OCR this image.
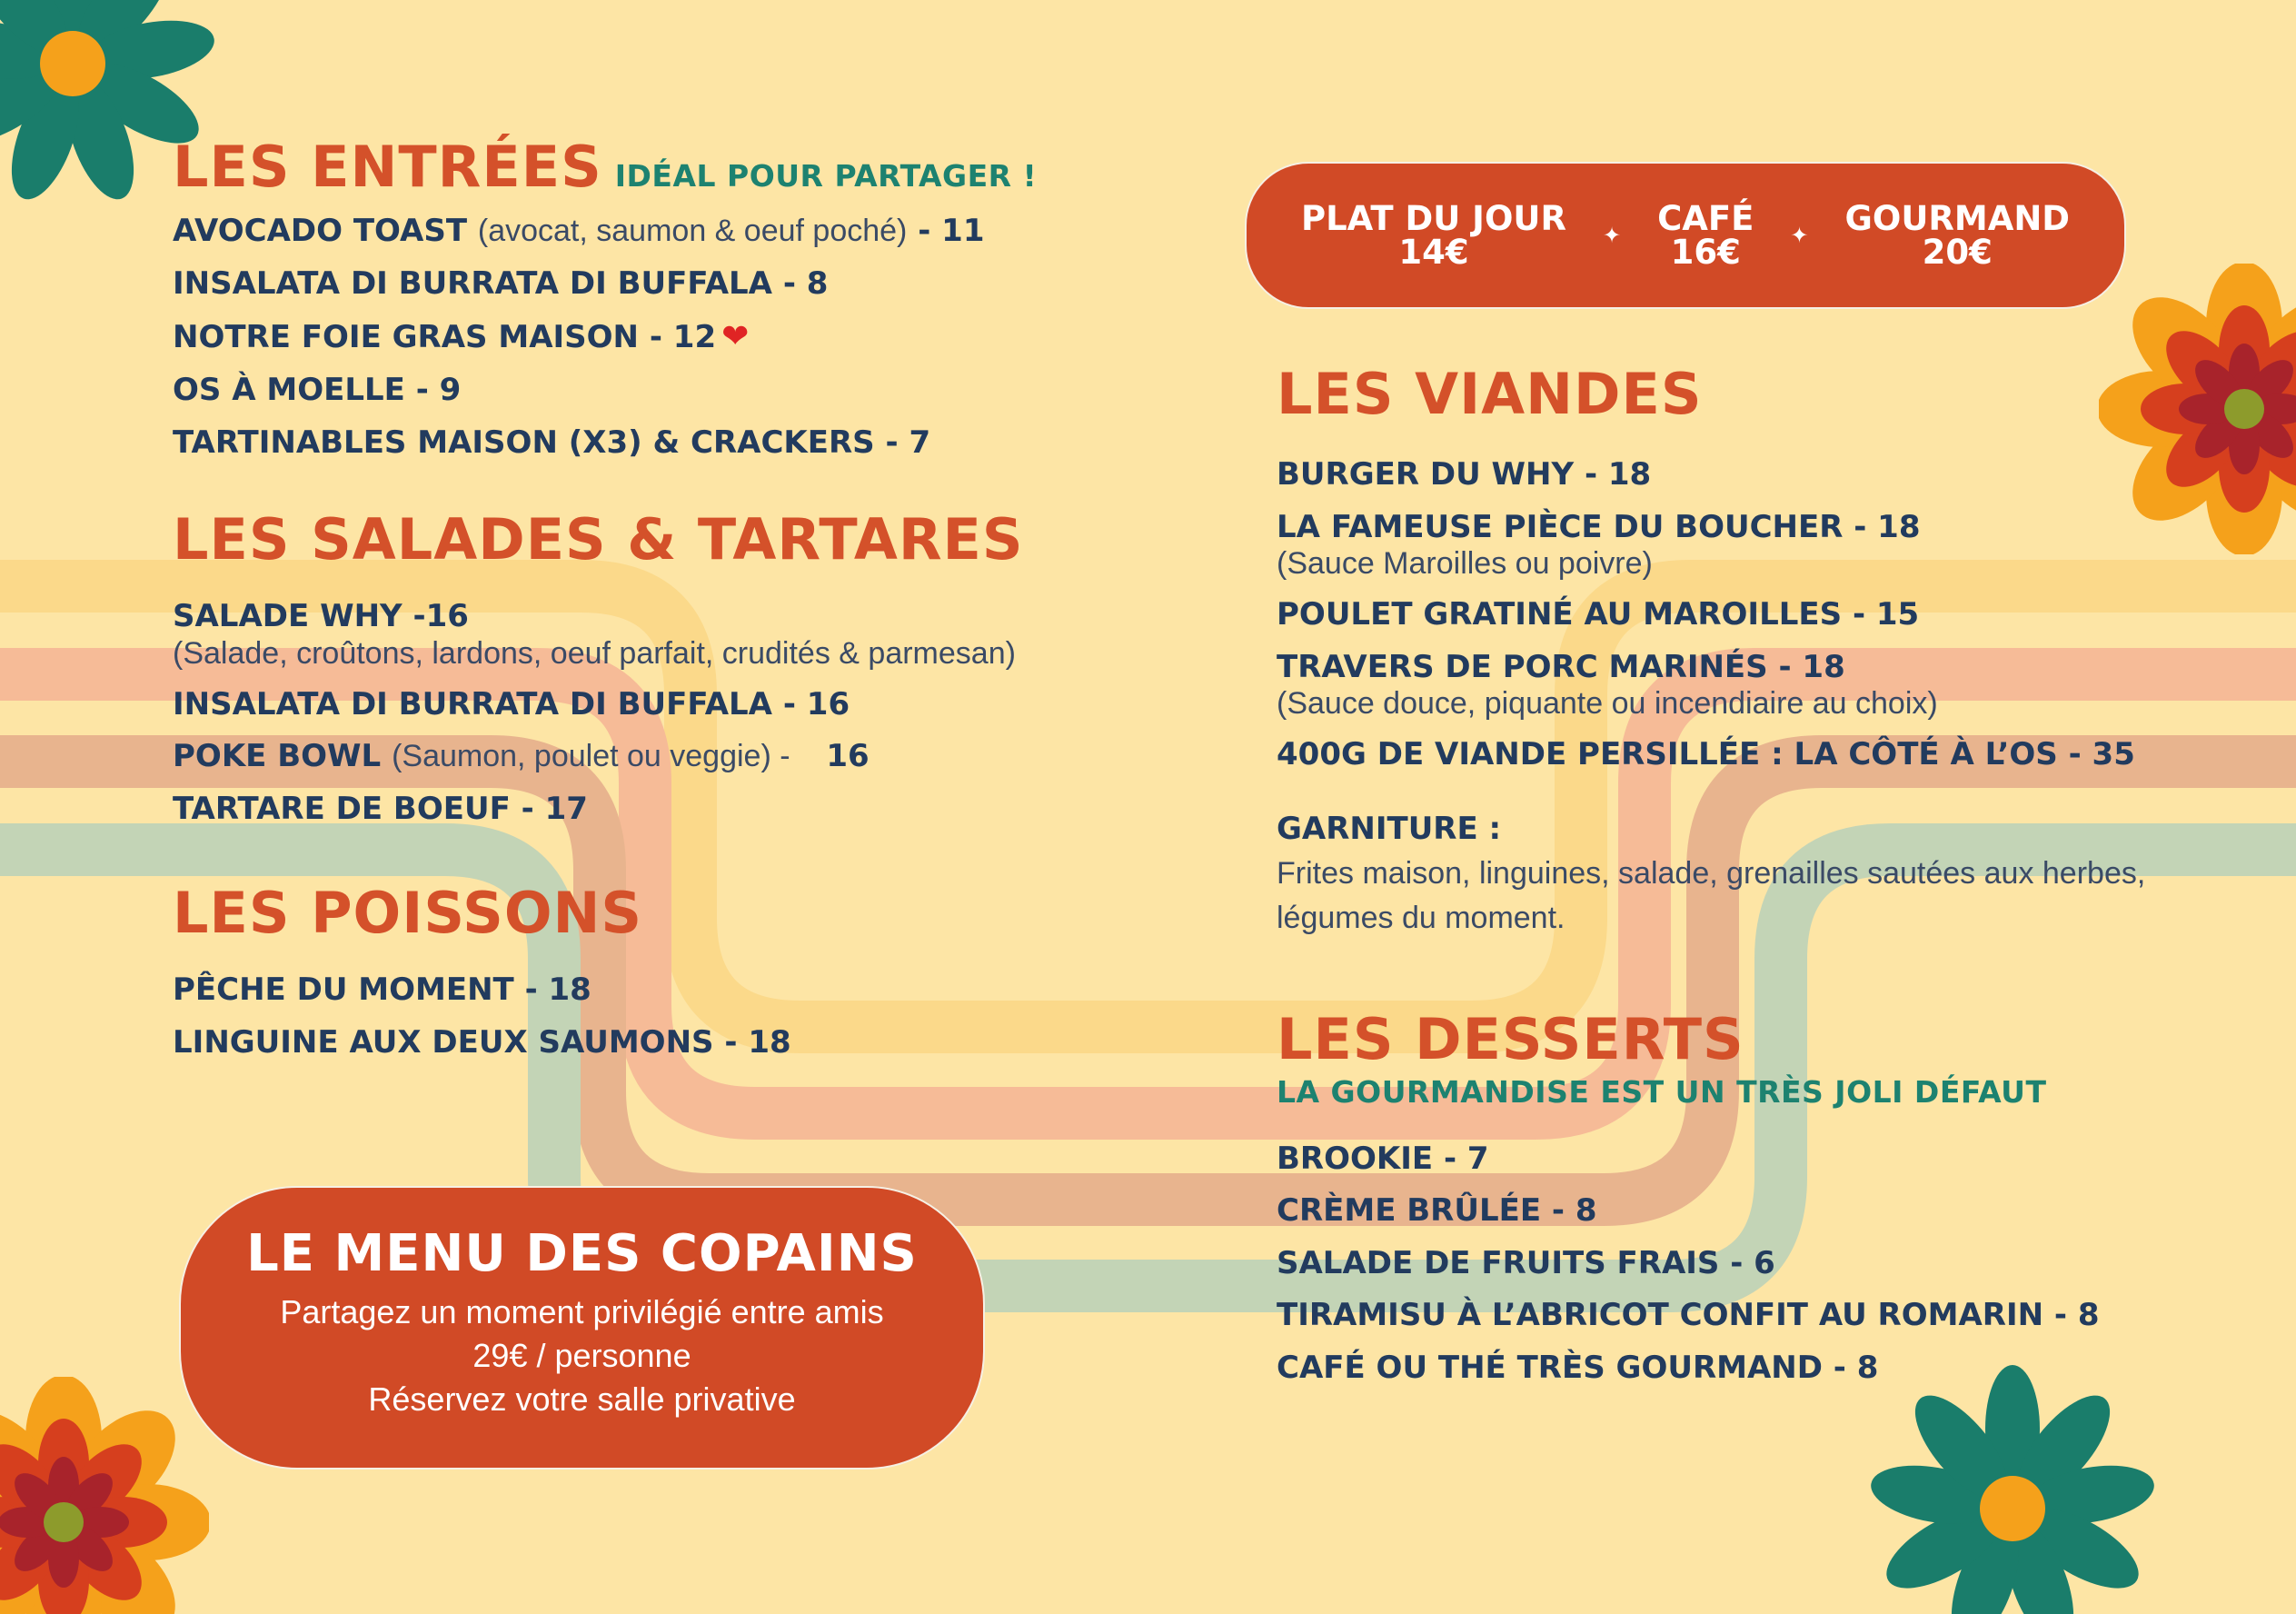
LES ENTRÉES IDÉAL POUR PARTAGER !
AVOCADO TOAST (avocat, saumon & oeuf poché) - 11
INSALATA DI BURRATA DI BUFFALA - 8
NOTRE FOIE GRAS MAISON - 12 ❤
OS À MOELLE - 9
TARTINABLES MAISON (X3) & CRACKERS - 7
LES SALADES & TARTARES
SALADE WHY -16
(Salade, croûtons, lardons, oeuf parfait, crudités & parmesan)
INSALATA DI BURRATA DI BUFFALA - 16
POKE BOWL (Saumon, poulet ou veggie) - 16
TARTARE DE BOEUF - 17
LES POISSONS
PÊCHE DU MOMENT - 18
LINGUINE AUX DEUX SAUMONS - 18
LE MENU DES COPAINS
Partagez un moment privilégié entre amis
29€ / personne
Réservez votre salle privative
PLAT DU JOUR
14€	✦ CAFÉ
16€	✦ GOURMAND
20€
LES VIANDES
BURGER DU WHY - 18
LA FAMEUSE PIÈCE DU BOUCHER - 18
(Sauce Maroilles ou poivre)
POULET GRATINÉ AU MAROILLES - 15
TRAVERS DE PORC MARINÉS - 18
(Sauce douce, piquante ou incendiaire au choix)
400G DE VIANDE PERSILLÉE : LA CÔTÉ À L’OS - 35
GARNITURE :
Frites maison, linguines, salade, grenailles sautées aux herbes,
légumes du moment.
LES DESSERTS
LA GOURMANDISE EST UN TRÈS JOLI DÉFAUT
BROOKIE - 7
CRÈME BRÛLÉE - 8
SALADE DE FRUITS FRAIS - 6
TIRAMISU À L’ABRICOT CONFIT AU ROMARIN - 8
CAFÉ OU THÉ TRÈS GOURMAND - 8
